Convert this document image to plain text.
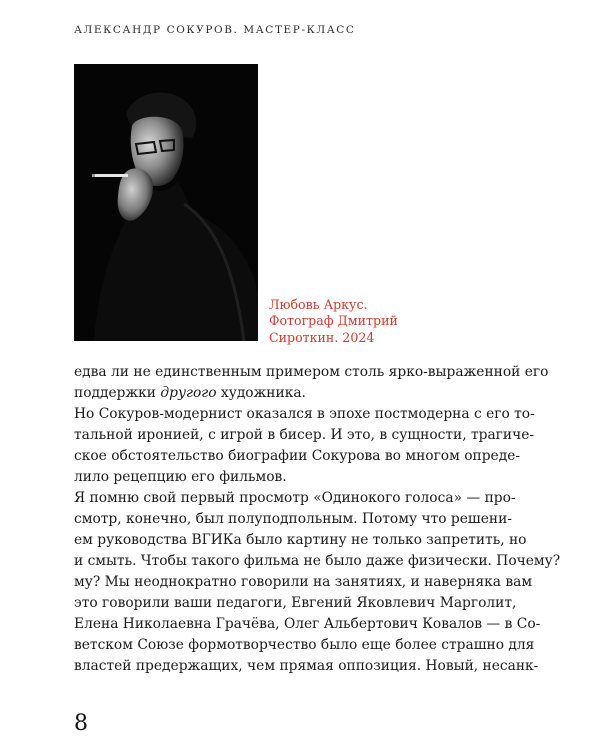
АЛЕКСАНДР СОКУРОВ. МАСТЕР-КЛАСС
Любовь Аркус.
Фотограф Дмитрий
Сироткин. 2024
едва ли не единственным примером столь ярко-выраженной его
поддержки другого художника.
Но Сокуров-модернист оказался в эпохе постмодерна с его то-
тальной иронией, с игрой в бисер. И это, в сущности, трагиче-
ское обстоятельство биографии Сокурова во многом опреде-
лило рецепцию его фильмов.
Я помню свой первый просмотр «Одинокого голоса» — про-
смотр, конечно, был полуподпольным. Потому что решени-
ем руководства ВГИКа было картину не только запретить, но
и смыть. Чтобы такого фильма не было даже физически. Почему?
му? Мы неоднократно говорили на занятиях, и наверняка вам
это говорили ваши педагоги, Евгений Яковлевич Марголит,
Елена Николаевна Грачёва, Олег Альбертович Ковалов — в Со-
ветском Союзе формотворчество было еще более страшно для
властей предержащих, чем прямая оппозиция. Новый, несанк-
8
